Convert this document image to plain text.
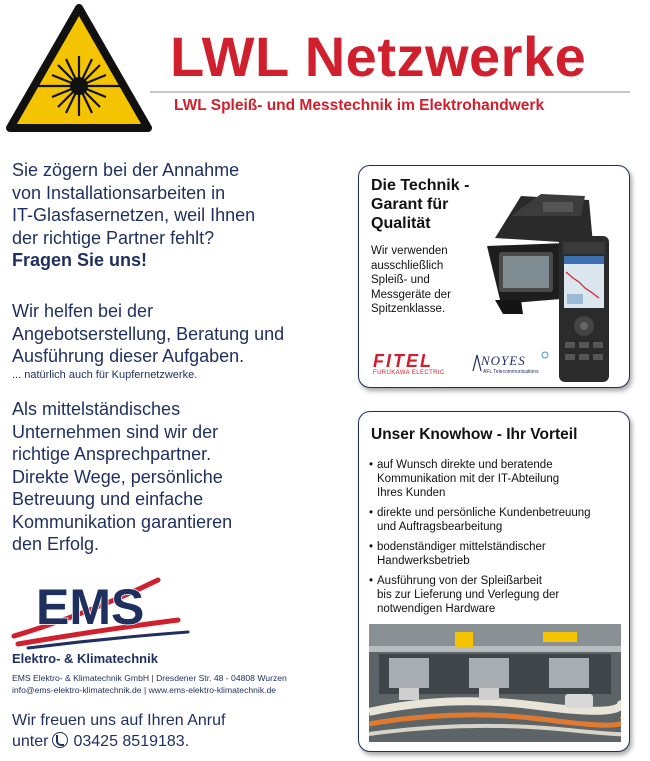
LWL Netzwerke
LWL Spleiß- und Messtechnik im Elektrohandwerk
Sie zögern bei der Annahme
von Installationsarbeiten in
IT-Glasfasernetzen, weil Ihnen
der richtige Partner fehlt?
Fragen Sie uns!
Wir helfen bei der
Angebotserstellung, Beratung und
Ausführung dieser Aufgaben.
... natürlich auch für Kupfernetzwerke.
Als mittelständisches
Unternehmen sind wir der
richtige Ansprechpartner.
Direkte Wege, persönliche
Betreuung und einfache
Kommunikation garantieren
den Erfolg.
EMS
Elektro- & Klimatechnik
EMS Elektro- & Klimatechnik GmbH | Dresdener Str. 48 - 04808 Wurzen
info@ems-elektro-klimatechnik.de | www.ems-elektro-klimatechnik.de
Wir freuen uns auf Ihren Anruf
unter 03425 8519183.
Die Technik -
Garant für
Qualität
Wir verwenden
ausschließlich
Spleiß- und
Messgeräte der
Spitzenklasse.
FITEL
FURUKAWA ELECTRIC
NOYES
AFL Telecommunications
Unser Knowhow - Ihr Vorteil
• auf Wunsch direkte und beratende
Kommunikation mit der IT-Abteilung
Ihres Kunden
• direkte und persönliche Kundenbetreuung
und Auftragsbearbeitung
• bodenständiger mittelständischer
Handwerksbetrieb
• Ausführung von der Spleißarbeit
bis zur Lieferung und Verlegung der
notwendigen Hardware
